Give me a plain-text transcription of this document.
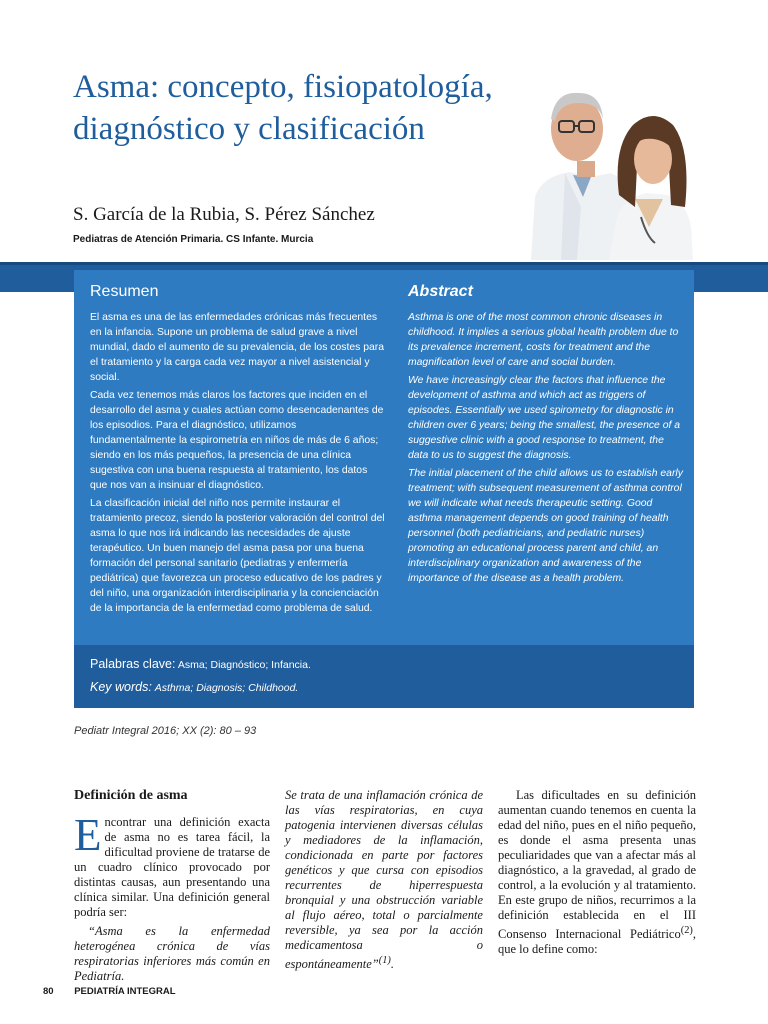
Asma: concepto, fisiopatología, diagnóstico y clasificación
S. García de la Rubia, S. Pérez Sánchez
Pediatras de Atención Primaria. CS Infante. Murcia
Resumen

El asma es una de las enfermedades crónicas más frecuentes en la infancia. Supone un problema de salud grave a nivel mundial, dado el aumento de su prevalencia, de los costes para el tratamiento y la carga cada vez mayor a nivel asistencial y social.

Cada vez tenemos más claros los factores que inciden en el desarrollo del asma y cuales actúan como desencadenantes de los episodios. Para el diagnóstico, utilizamos fundamentalmente la espirometría en niños de más de 6 años; siendo en los más pequeños, la presencia de una clínica sugestiva con una buena respuesta al tratamiento, los datos que nos van a insinuar el diagnóstico.

La clasificación inicial del niño nos permite instaurar el tratamiento precoz, siendo la posterior valoración del control del asma lo que nos irá indicando las necesidades de ajuste terapéutico. Un buen manejo del asma pasa por una buena formación del personal sanitario (pediatras y enfermería pediátrica) que favorezca un proceso educativo de los padres y del niño, una organización interdisciplinaria y la concienciación de la importancia de la enfermedad como problema de salud.

Abstract

Asthma is one of the most common chronic diseases in childhood. It implies a serious global health problem due to its prevalence increment, costs for treatment and the magnification level of care and social burden.

We have increasingly clear the factors that influence the development of asthma and which act as triggers of episodes. Essentially we used spirometry for diagnostic in children over 6 years; being the smallest, the presence of a suggestive clinic with a good response to treatment, the data to us to suggest the diagnosis.

The initial placement of the child allows us to establish early treatment; with subsequent measurement of asthma control we will indicate what needs therapeutic setting. Good asthma management depends on good training of health personnel (both pediatricians, and pediatric nurses) promoting an educational process parent and child, an interdisciplinary organization and awareness of the importance of the disease as a health problem.

Palabras clave: Asma; Diagnóstico; Infancia.
Key words: Asthma; Diagnosis; Childhood.
Pediatr Integral 2016; XX (2): 80 – 93
Definición de asma

Encontrar una definición exacta de asma no es tarea fácil, la dificultad proviene de tratarse de un cuadro clínico provocado por distintas causas, aun presentando una clínica similar. Una definición general podría ser:

“Asma es la enfermedad heterogénea crónica de vías respiratorias inferiores más común en Pediatría.

Se trata de una inflamación crónica de las vías respiratorias, en cuya patogenia intervienen diversas células y mediadores de la inflamación, condicionada en parte por factores genéticos y que cursa con episodios recurrentes de hiperrespuesta bronquial y una obstrucción variable al flujo aéreo, total o parcialmente reversible, ya sea por la acción medicamentosa o espontáneamente”$^{(1)}$.

Las dificultades en su definición aumentan cuando tenemos en cuenta la edad del niño, pues en el niño pequeño, es donde el asma presenta unas peculiaridades que van a afectar más al diagnóstico, a la gravedad, al grado de control, a la evolución y al tratamiento. En este grupo de niños, recurrimos a la definición establecida en el III Consenso Internacional Pediátrico$^{(2)}$, que lo define como:

80 PEDIATRÍA INTEGRAL
